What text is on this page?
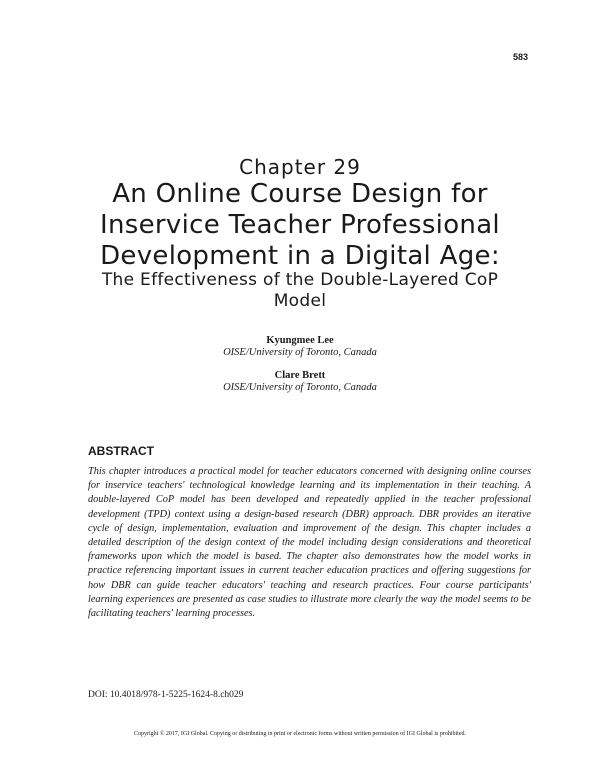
583
Chapter 29
An Online Course Design for Inservice Teacher Professional Development in a Digital Age:
The Effectiveness of the Double-Layered CoP Model
Kyungmee Lee
OISE/University of Toronto, Canada
Clare Brett
OISE/University of Toronto, Canada
ABSTRACT
This chapter introduces a practical model for teacher educators concerned with designing online courses for inservice teachers' technological knowledge learning and its implementation in their teaching. A double-layered CoP model has been developed and repeatedly applied in the teacher professional development (TPD) context using a design-based research (DBR) approach. DBR provides an iterative cycle of design, implementation, evaluation and improvement of the design. This chapter includes a detailed description of the design context of the model including design considerations and theoretical frameworks upon which the model is based. The chapter also demonstrates how the model works in practice referencing important issues in current teacher education practices and offering suggestions for how DBR can guide teacher educators' teaching and research practices. Four course participants' learning experiences are presented as case studies to illustrate more clearly the way the model seems to be facilitating teachers' learning processes.
DOI: 10.4018/978-1-5225-1624-8.ch029
Copyright © 2017, IGI Global. Copying or distributing in print or electronic forms without written permission of IGI Global is prohibited.
